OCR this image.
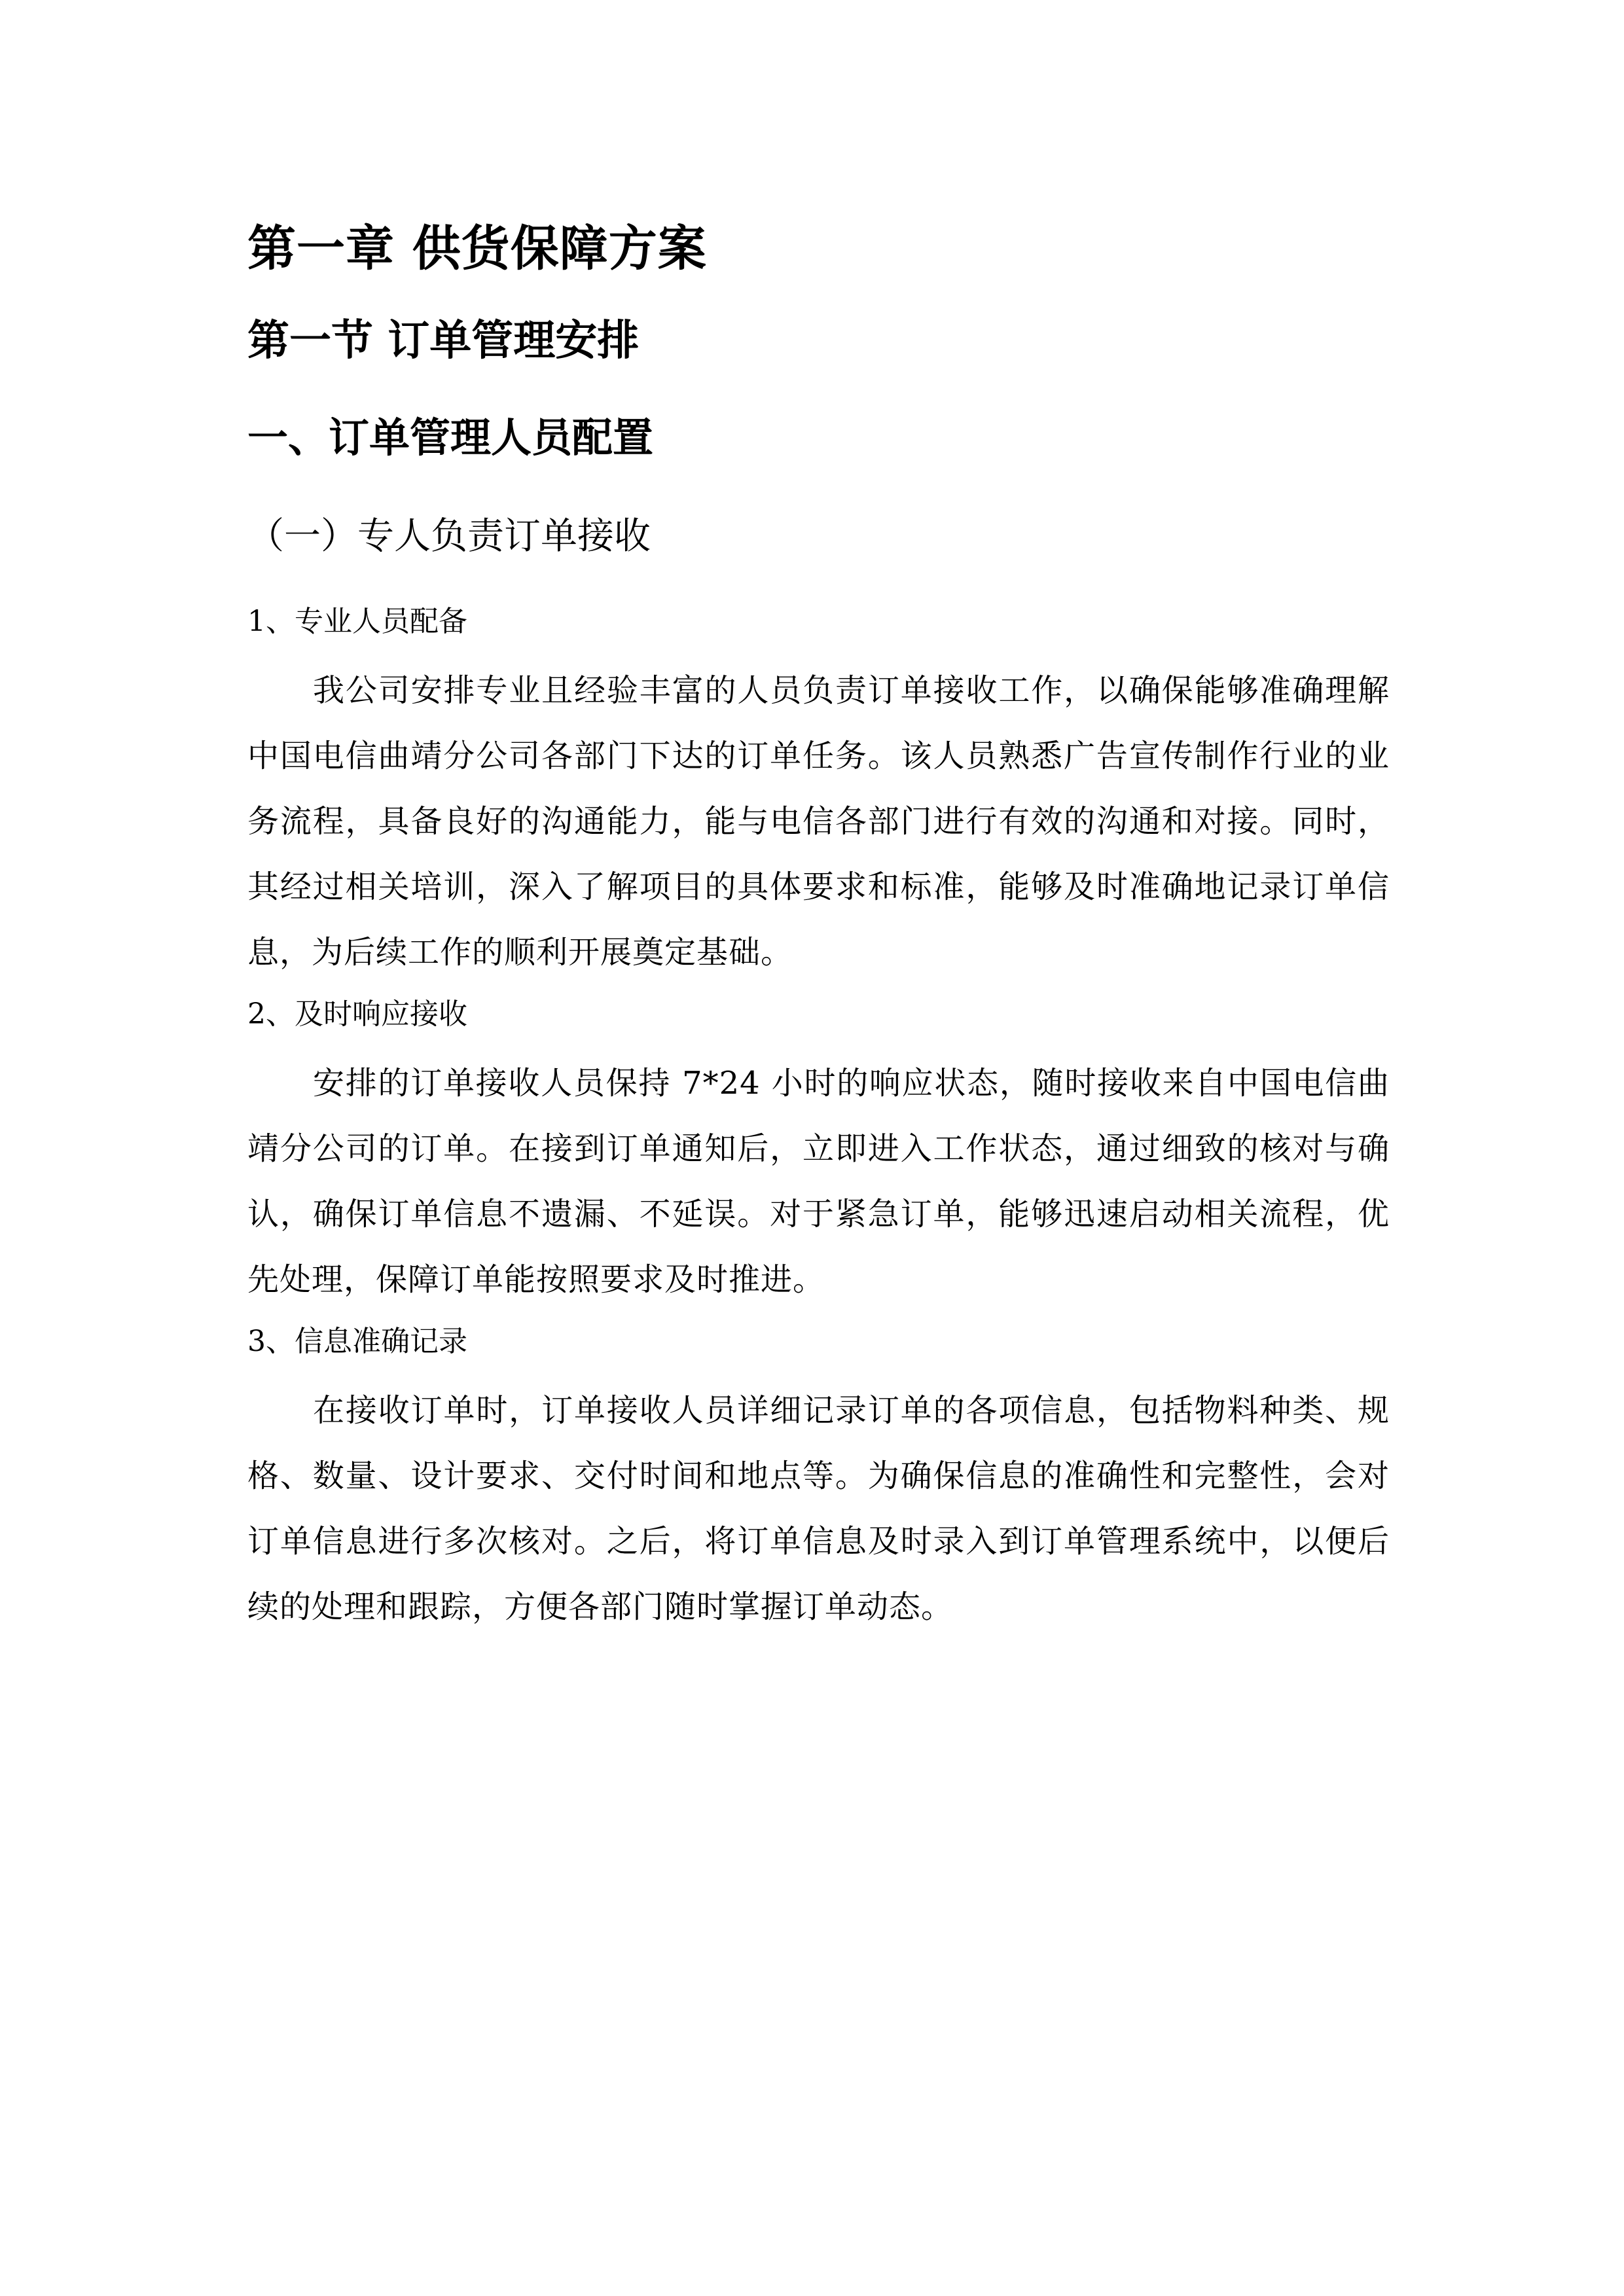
第一章 供货保障方案
第一节 订单管理安排
一、订单管理人员配置
（一）专人负责订单接收

1、专业人员配备

我公司安排专业且经验丰富的人员负责订单接收工作，以确保能够准确理解中国电信曲靖分公司各部门下达的订单任务。该人员熟悉广告宣传制作行业的业务流程，具备良好的沟通能力，能与电信各部门进行有效的沟通和对接。同时，其经过相关培训，深入了解项目的具体要求和标准，能够及时准确地记录订单信息，为后续工作的顺利开展奠定基础。

2、及时响应接收

安排的订单接收人员保持 7*24 小时的响应状态，随时接收来自中国电信曲靖分公司的订单。在接到订单通知后，立即进入工作状态，通过细致的核对与确认，确保订单信息不遗漏、不延误。对于紧急订单，能够迅速启动相关流程，优先处理，保障订单能按照要求及时推进。

3、信息准确记录

在接收订单时，订单接收人员详细记录订单的各项信息，包括物料种类、规格、数量、设计要求、交付时间和地点等。为确保信息的准确性和完整性，会对订单信息进行多次核对。之后，将订单信息及时录入到订单管理系统中，以便后续的处理和跟踪，方便各部门随时掌握订单动态。
